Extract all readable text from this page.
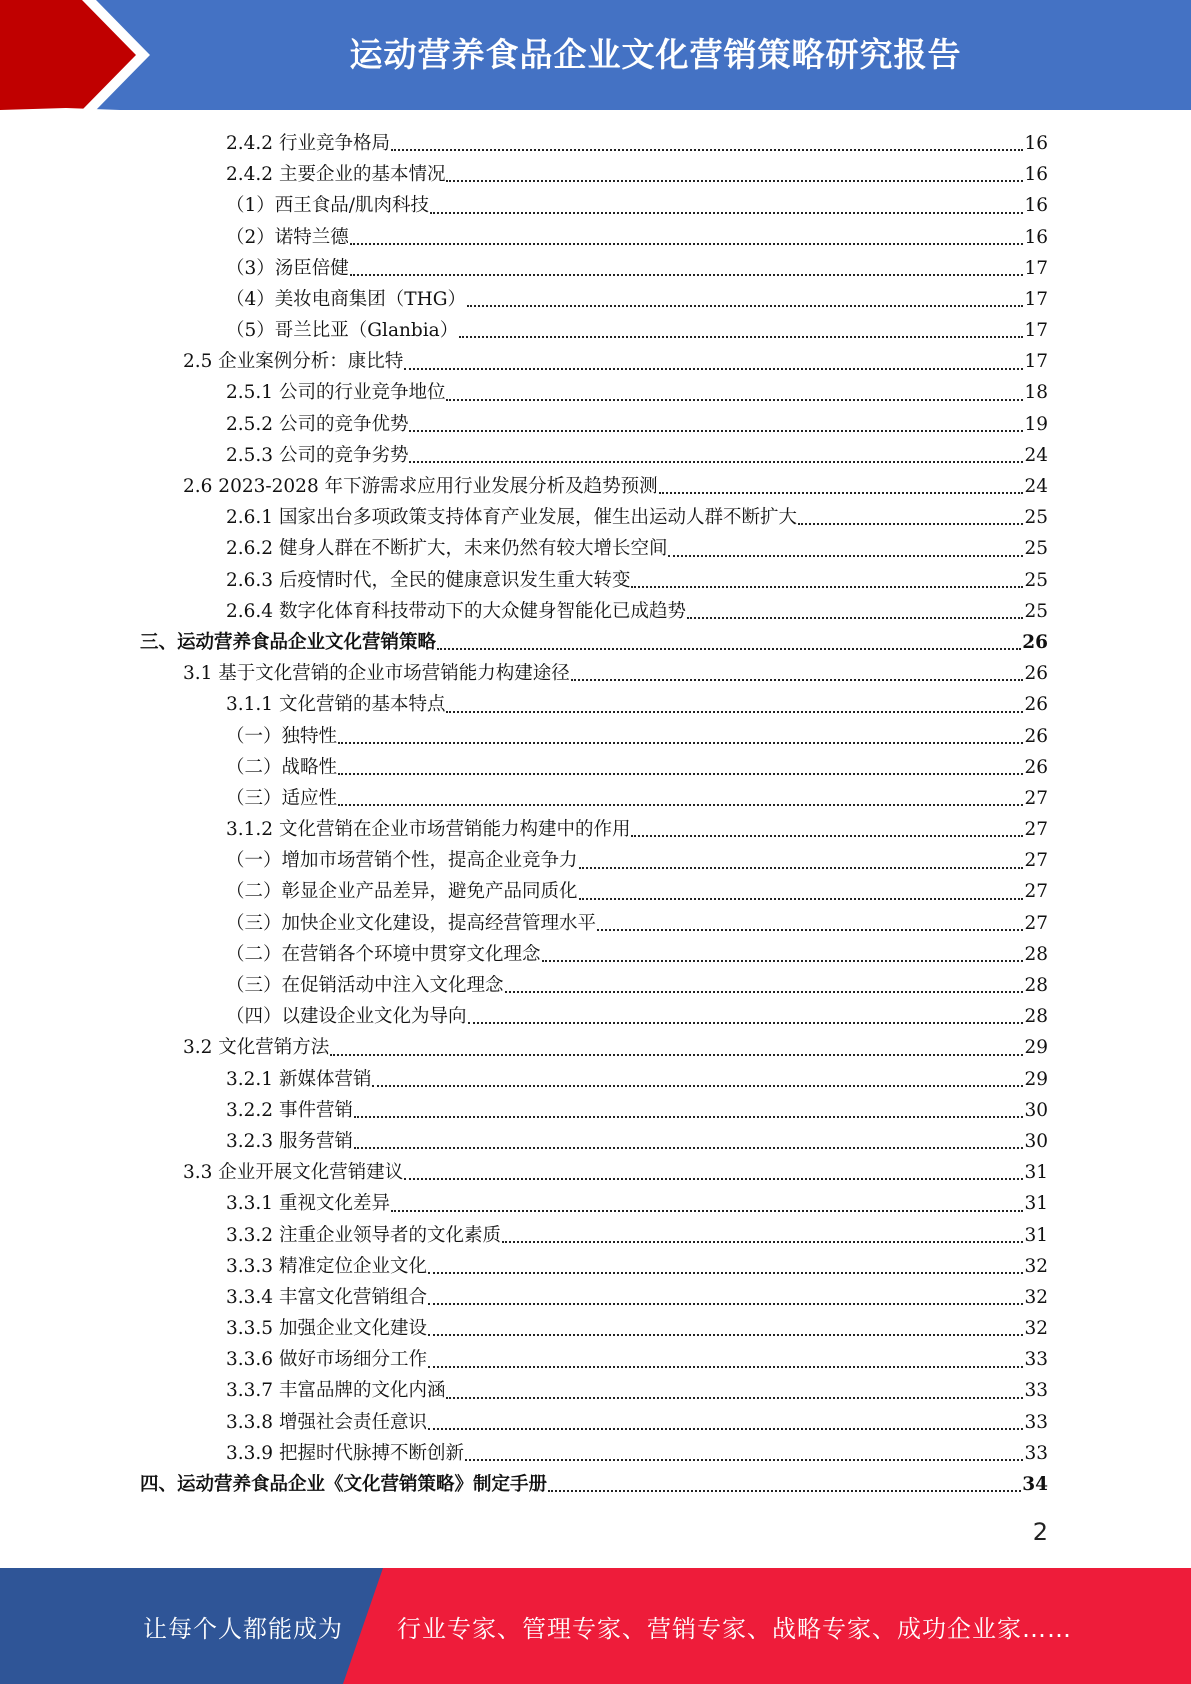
运动营养食品企业文化营销策略研究报告
2.4.2 行业竞争格局	16
2.4.2 主要企业的基本情况	16
（1）西王食品/肌肉科技	16
（2）诺特兰德	16
（3）汤臣倍健	17
（4）美妆电商集团（THG）	17
（5）哥兰比亚（Glanbia）	17
2.5 企业案例分析：康比特	17
2.5.1 公司的行业竞争地位	18
2.5.2 公司的竞争优势	19
2.5.3 公司的竞争劣势	24
2.6 2023-2028 年下游需求应用行业发展分析及趋势预测	24
2.6.1 国家出台多项政策支持体育产业发展，催生出运动人群不断扩大	25
2.6.2 健身人群在不断扩大，未来仍然有较大增长空间	25
2.6.3 后疫情时代，全民的健康意识发生重大转变	25
2.6.4 数字化体育科技带动下的大众健身智能化已成趋势	25
三、运动营养食品企业文化营销策略	26
3.1 基于文化营销的企业市场营销能力构建途径	26
3.1.1 文化营销的基本特点	26
（一）独特性	26
（二）战略性	26
（三）适应性	27
3.1.2 文化营销在企业市场营销能力构建中的作用	27
（一）增加市场营销个性，提高企业竞争力	27
（二）彰显企业产品差异，避免产品同质化	27
（三）加快企业文化建设，提高经营管理水平	27
（二）在营销各个环境中贯穿文化理念	28
（三）在促销活动中注入文化理念	28
（四）以建设企业文化为导向	28
3.2 文化营销方法	29
3.2.1 新媒体营销	29
3.2.2 事件营销	30
3.2.3 服务营销	30
3.3 企业开展文化营销建议	31
3.3.1 重视文化差异	31
3.3.2 注重企业领导者的文化素质	31
3.3.3 精准定位企业文化	32
3.3.4 丰富文化营销组合	32
3.3.5 加强企业文化建设	32
3.3.6 做好市场细分工作	33
3.3.7 丰富品牌的文化内涵	33
3.3.8 增强社会责任意识	33
3.3.9 把握时代脉搏不断创新	33
四、运动营养食品企业《文化营销策略》制定手册	34
2
让每个人都能成为 行业专家、管理专家、营销专家、战略专家、成功企业家……
